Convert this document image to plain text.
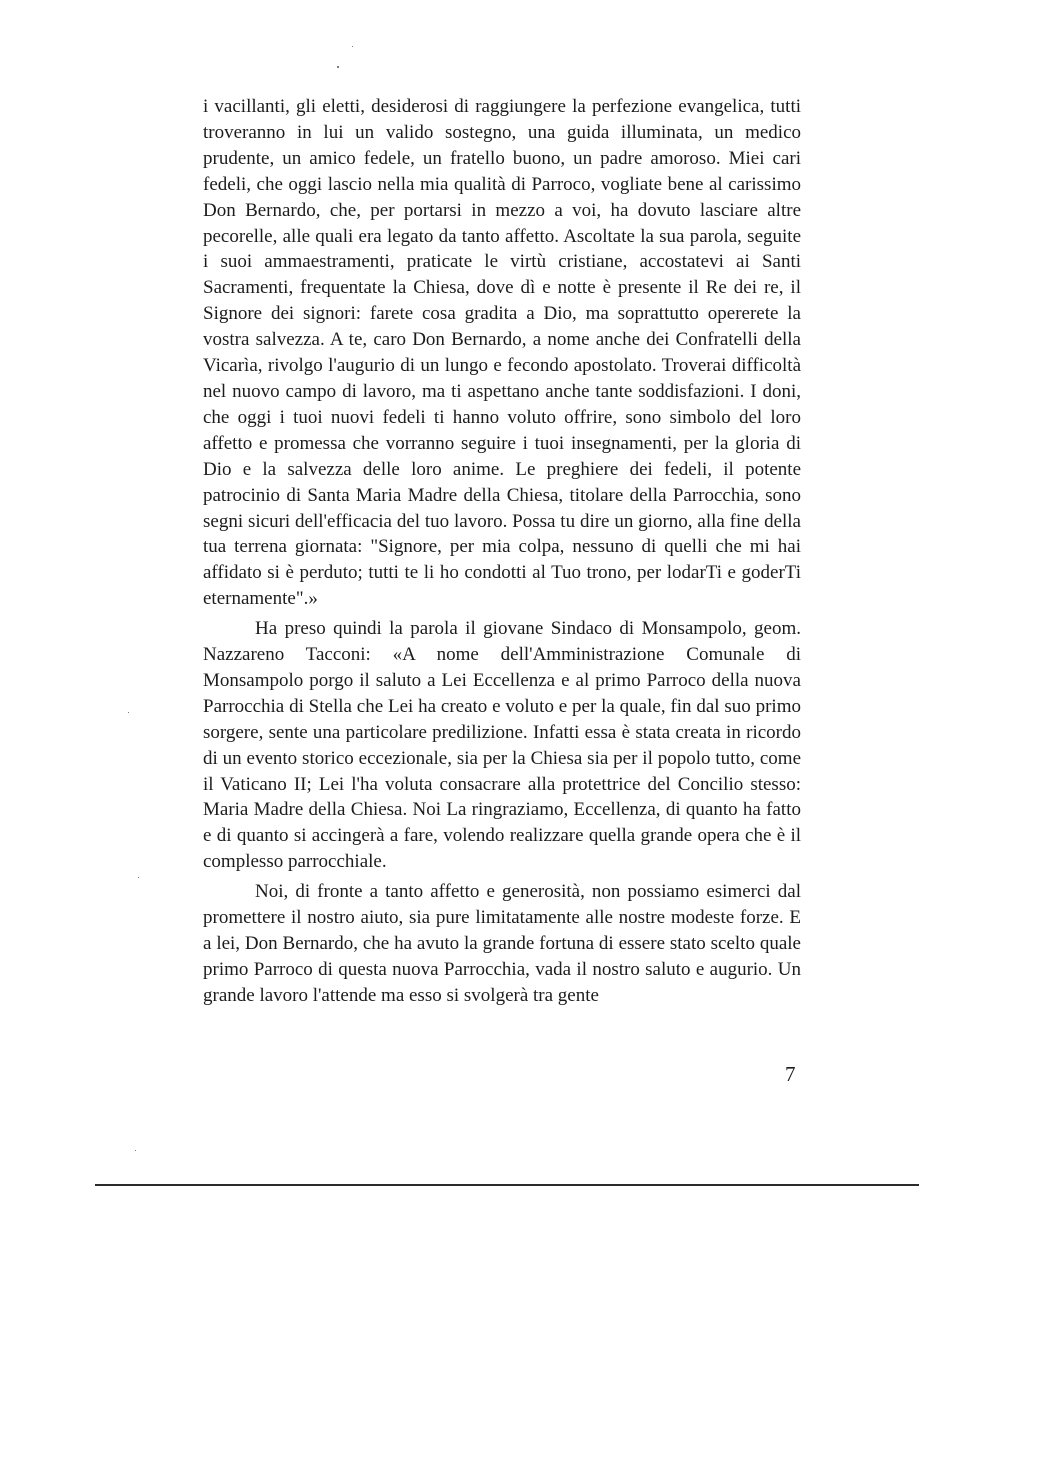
i vacillanti, gli eletti, desiderosi di raggiungere la perfezione evangelica, tutti troveranno in lui un valido sostegno, una guida illuminata, un medico prudente, un amico fedele, un fratello buono, un padre amoroso. Miei cari fedeli, che oggi lascio nella mia qualità di Parroco, vogliate bene al carissimo Don Bernardo, che, per portarsi in mezzo a voi, ha dovuto lasciare altre pecorelle, alle quali era legato da tanto affetto. Ascoltate la sua parola, seguite i suoi ammaestramenti, praticate le virtù cristiane, accostatevi ai Santi Sacramenti, frequentate la Chiesa, dove dì e notte è presente il Re dei re, il Signore dei signori: farete cosa gradita a Dio, ma soprattutto opererete la vostra salvezza. A te, caro Don Bernardo, a nome anche dei Confratelli della Vicarìa, rivolgo l'augurio di un lungo e fecondo apostolato. Troverai difficoltà nel nuovo campo di lavoro, ma ti aspettano anche tante soddisfazioni. I doni, che oggi i tuoi nuovi fedeli ti hanno voluto offrire, sono simbolo del loro affetto e promessa che vorranno seguire i tuoi insegnamenti, per la gloria di Dio e la salvezza delle loro anime. Le preghiere dei fedeli, il potente patrocinio di Santa Maria Madre della Chiesa, titolare della Parrocchia, sono segni sicuri dell'efficacia del tuo lavoro. Possa tu dire un giorno, alla fine della tua terrena giornata: "Signore, per mia colpa, nessuno di quelli che mi hai affidato si è perduto; tutti te li ho condotti al Tuo trono, per lodarTi e goderTi eternamente".»

Ha preso quindi la parola il giovane Sindaco di Monsampolo, geom. Nazzareno Tacconi: «A nome dell'Amministrazione Comunale di Monsampolo porgo il saluto a Lei Eccellenza e al primo Parroco della nuova Parrocchia di Stella che Lei ha creato e voluto e per la quale, fin dal suo primo sorgere, sente una particolare predilizione. Infatti essa è stata creata in ricordo di un evento storico eccezionale, sia per la Chiesa sia per il popolo tutto, come il Vaticano II; Lei l'ha voluta consacrare alla protettrice del Concilio stesso: Maria Madre della Chiesa. Noi La ringraziamo, Eccellenza, di quanto ha fatto e di quanto si accingerà a fare, volendo realizzare quella grande opera che è il complesso parrocchiale.

Noi, di fronte a tanto affetto e generosità, non possiamo esimerci dal promettere il nostro aiuto, sia pure limitatamente alle nostre modeste forze. E a lei, Don Bernardo, che ha avuto la grande fortuna di essere stato scelto quale primo Parroco di questa nuova Parrocchia, vada il nostro saluto e augurio. Un grande lavoro l'attende ma esso si svolgerà tra gente

7
